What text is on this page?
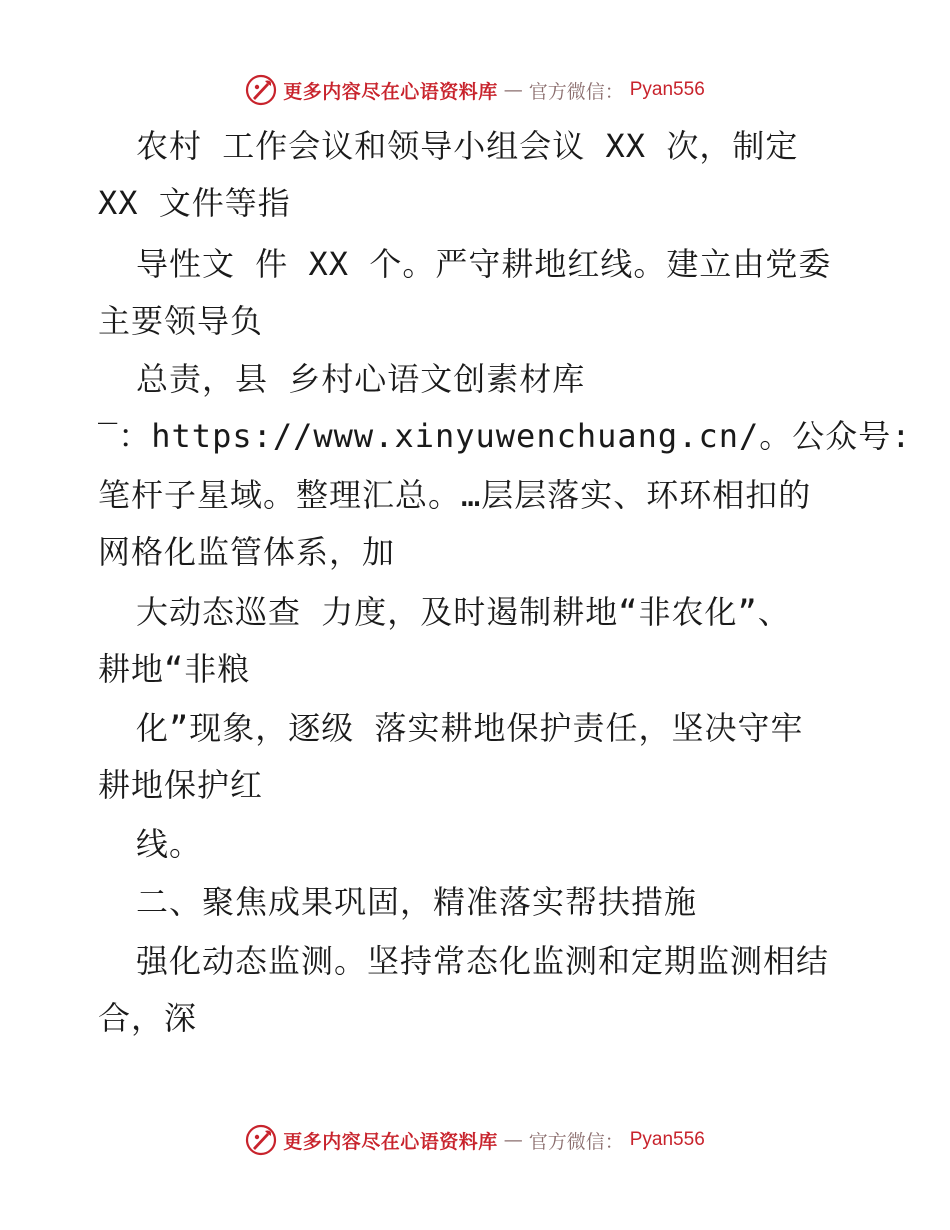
更多内容尽在心语资料库 — 官方微信： Pyan556
农村 工作会议和领导小组会议 XX 次，制定
XX 文件等指
导性文 件 XX 个。严守耕地红线。建立由党委
主要领导负
总责，县 乡村心语文创素材库
‾：https://www.xinyuwenchuang.cn/。公众号:
笔杆子星域。整理汇总。…层层落实、环环相扣的
网格化监管体系，加
大动态巡查 力度，及时遏制耕地“非农化”、
耕地“非粮
化”现象，逐级 落实耕地保护责任，坚决守牢
耕地保护红
线。
二、聚焦成果巩固，精准落实帮扶措施
强化动态监测。坚持常态化监测和定期监测相结
合，深
更多内容尽在心语资料库 — 官方微信： Pyan556
